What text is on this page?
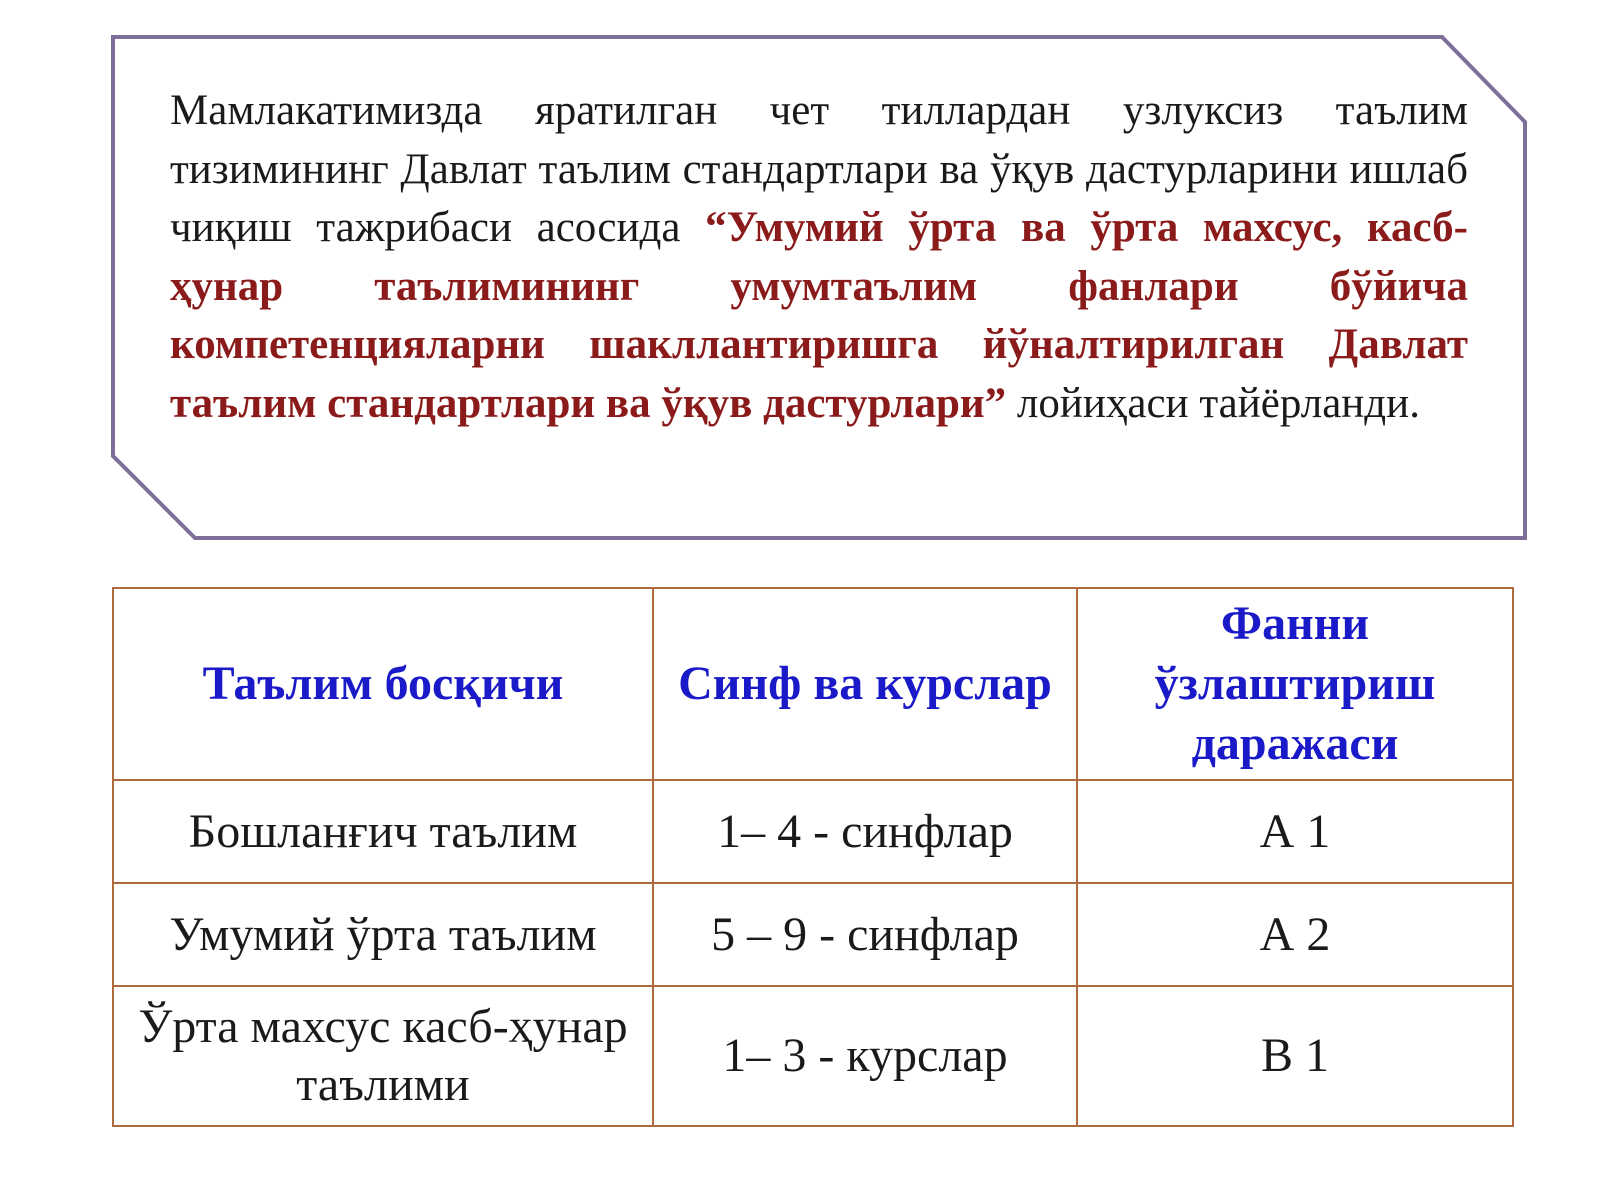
Мамлакатимизда яратилган чет тиллардан узлуксиз таълим тизимининг Давлат таълим стандартлари ва ўқув дастурларини ишлаб чиқиш тажрибаси асосида “Умумий ўрта ва ўрта махсус, касб-ҳунар таълимининг умумтаълим фанлари бўйича компетенцияларни шакллантиришга йўналтирилган Давлат таълим стандартлари ва ўқув дастурлари” лойиҳаси тайёрланди.
Таълим босқичи	Синф ва курслар	Фанни ўзлаштириш даражаси
Бошланғич таълим	1– 4 - синфлар	А 1
Умумий ўрта таълим	5 – 9 - синфлар	А 2
Ўрта махсус касб-ҳунар таълими	1– 3 - курслар	В 1
